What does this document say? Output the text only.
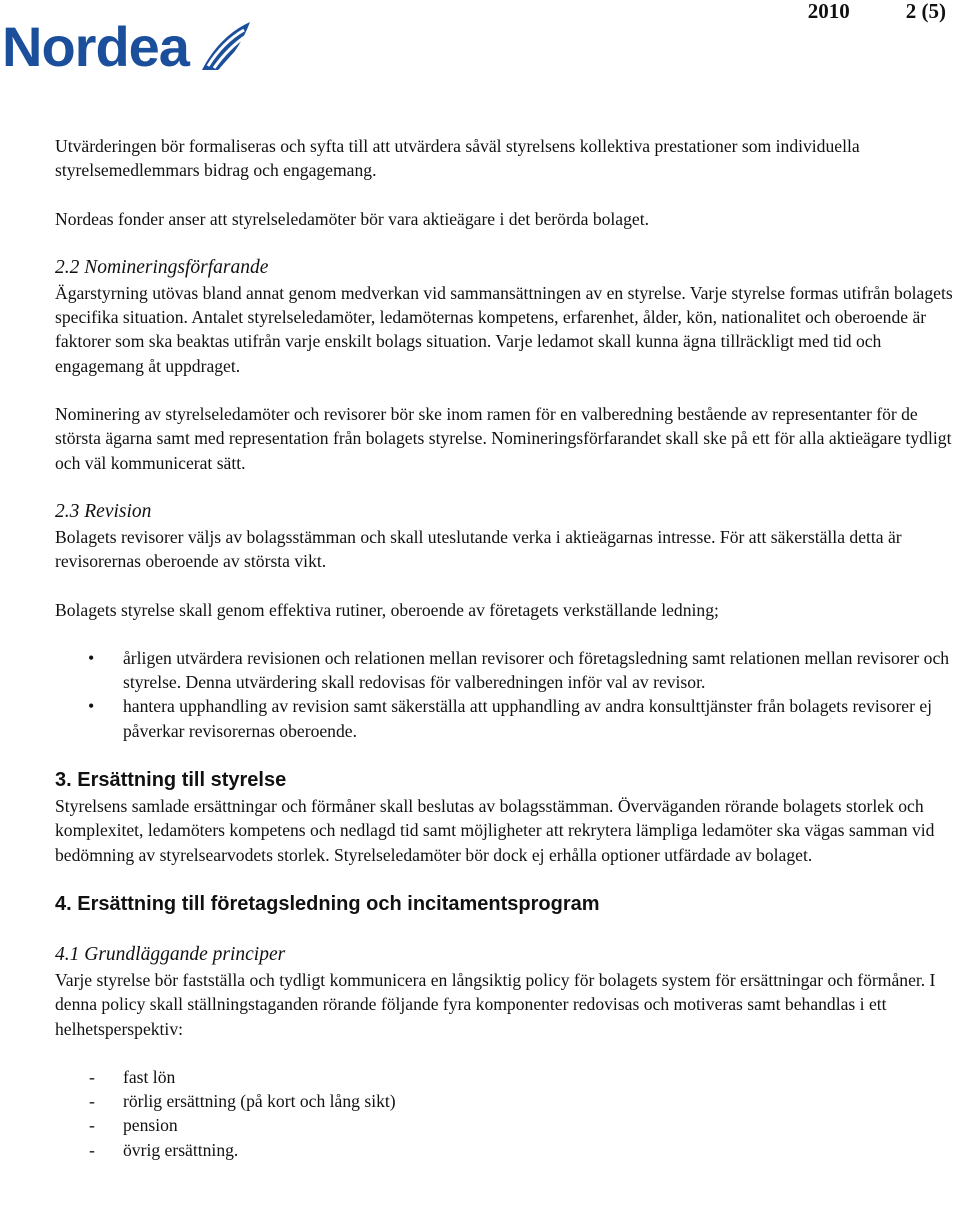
Nordea
2010	2 (5)

Utvärderingen bör formaliseras och syfta till att utvärdera såväl styrelsens kollektiva prestationer som individuella styrelsemedlemmars bidrag och engagemang.

Nordeas fonder anser att styrelseledamöter bör vara aktieägare i det berörda bolaget.

2.2 Nomineringsförfarande

Ägarstyrning utövas bland annat genom medverkan vid sammansättningen av en styrelse. Varje styrelse formas utifrån bolagets specifika situation. Antalet styrelseledamöter, ledamöternas kompetens, erfarenhet, ålder, kön, nationalitet och oberoende är faktorer som ska beaktas utifrån varje enskilt bolags situation. Varje ledamot skall kunna ägna tillräckligt med tid och engagemang åt uppdraget.

Nominering av styrelseledamöter och revisorer bör ske inom ramen för en valberedning bestående av representanter för de största ägarna samt med representation från bolagets styrelse. Nomineringsförfarandet skall ske på ett för alla aktieägare tydligt och väl kommunicerat sätt.

2.3 Revision

Bolagets revisorer väljs av bolagsstämman och skall uteslutande verka i aktieägarnas intresse. För att säkerställa detta är revisorernas oberoende av största vikt.

Bolagets styrelse skall genom effektiva rutiner, oberoende av företagets verkställande ledning;

• årligen utvärdera revisionen och relationen mellan revisorer och företagsledning samt relationen mellan revisorer och styrelse. Denna utvärdering skall redovisas för valberedningen inför val av revisor.
• hantera upphandling av revision samt säkerställa att upphandling av andra konsulttjänster från bolagets revisorer ej påverkar revisorernas oberoende.
3. Ersättning till styrelse

Styrelsens samlade ersättningar och förmåner skall beslutas av bolagsstämman. Överväganden rörande bolagets storlek och komplexitet, ledamöters kompetens och nedlagd tid samt möjligheter att rekrytera lämpliga ledamöter ska vägas samman vid bedömning av styrelsearvodets storlek. Styrelseledamöter bör dock ej erhålla optioner utfärdade av bolaget.

4. Ersättning till företagsledning och incitamentsprogram
4.1 Grundläggande principer

Varje styrelse bör fastställa och tydligt kommunicera en långsiktig policy för bolagets system för ersättningar och förmåner. I denna policy skall ställningstaganden rörande följande fyra komponenter redovisas och motiveras samt behandlas i ett helhetsperspektiv:

- fast lön
- rörlig ersättning (på kort och lång sikt)
- pension
- övrig ersättning.
